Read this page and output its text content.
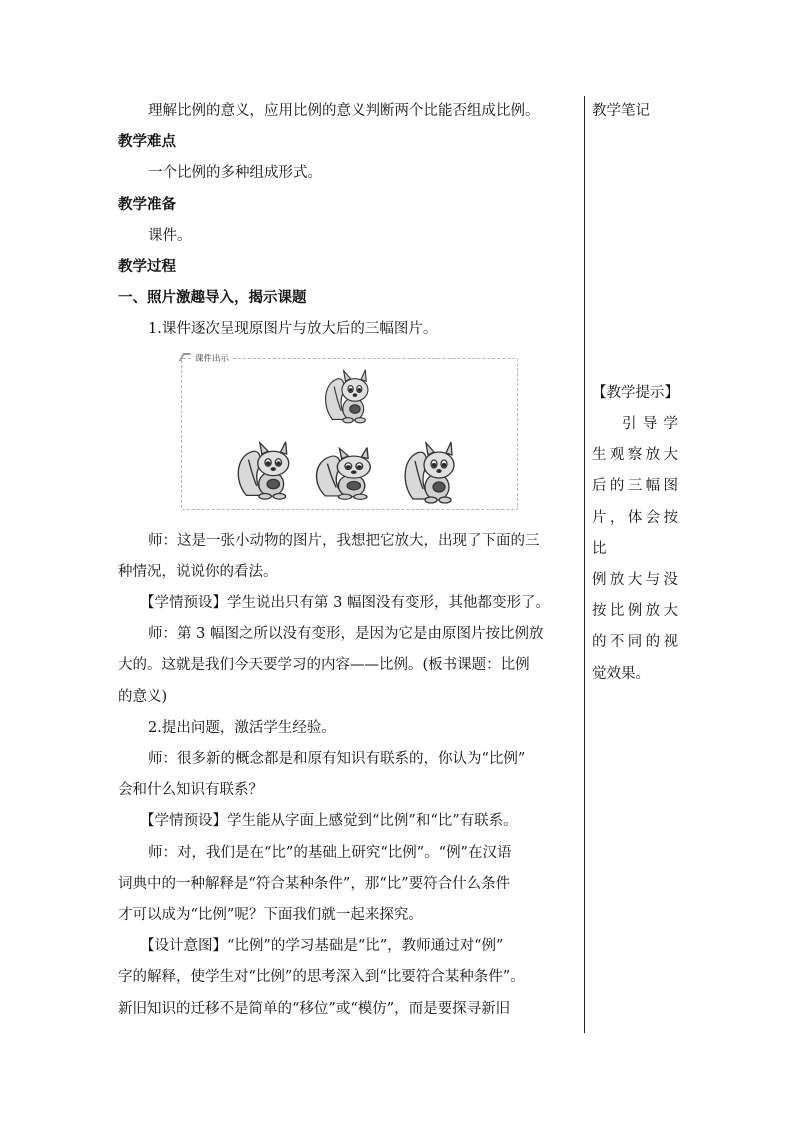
理解比例的意义，应用比例的意义判断两个比能否组成比例。
教学难点
一个比例的多种组成形式。
教学准备
课件。
教学过程
一、照片激趣导入，揭示课题
1.课件逐次呈现原图片与放大后的三幅图片。
师：这是一张小动物的图片，我想把它放大，出现了下面的三
种情况，说说你的看法。
【学情预设】学生说出只有第 3 幅图没有变形，其他都变形了。
师：第 3 幅图之所以没有变形，是因为它是由原图片按比例放
大的。这就是我们今天要学习的内容——比例。(板书课题：比例
的意义)
2.提出问题，激活学生经验。
师：很多新的概念都是和原有知识有联系的，你认为“比例”
会和什么知识有联系？
【学情预设】学生能从字面上感觉到“比例”和“比”有联系。
师：对，我们是在“比”的基础上研究“比例”。“例”在汉语
词典中的一种解释是“符合某种条件”，那“比”要符合什么条件
才可以成为“比例”呢？下面我们就一起来探究。
【设计意图】“比例”的学习基础是“比”，教师通过对“例”
字的解释，使学生对“比例”的思考深入到“比要符合某种条件”。
新旧知识的迁移不是简单的“移位”或“模仿”，而是要探寻新旧
课件出示
教学笔记
【教学提示】
引导学
生观察放大
后的三幅图
片，体会按比
例放大与没
按比例放大
的不同的视
觉效果。
